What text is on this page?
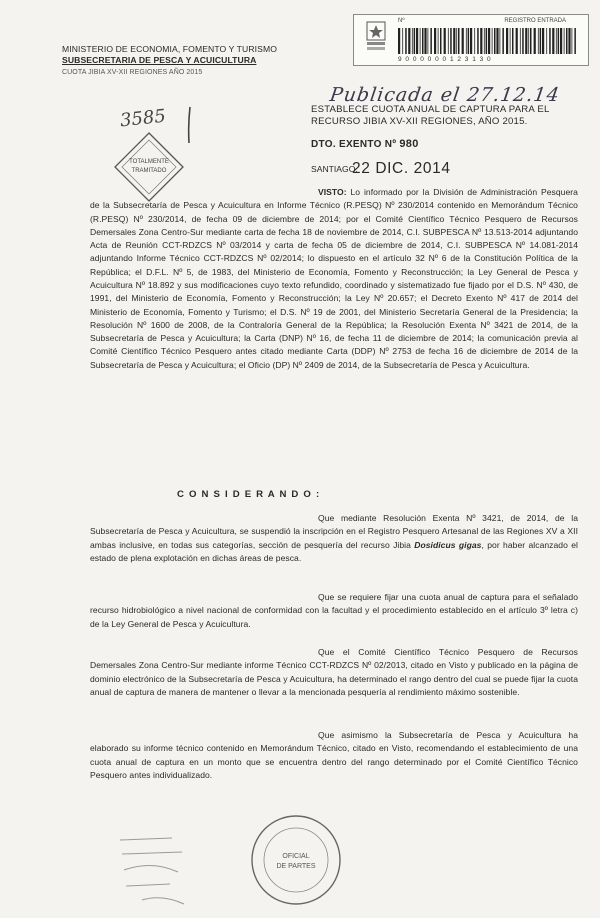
MINISTERIO DE ECONOMIA, FOMENTO Y TURISMO
SUBSECRETARIA DE PESCA Y ACUICULTURA
CUOTA JIBIA XV-XII REGIONES AÑO 2015
Nº	REGISTRO ENTRADA
9 0 0 0 0 0 0 1 2 3 1 3 0
Publicada el 27.12.14
3585
TOTALMENTE
TRAMITADO
ESTABLECE CUOTA ANUAL DE CAPTURA PARA EL RECURSO JIBIA XV-XII REGIONES, AÑO 2015.
DTO. EXENTO Nº 980
SANTIAGO,
22 DIC. 2014
VISTO: Lo informado por la División de Administración Pesquera de la Subsecretaría de Pesca y Acuicultura en Informe Técnico (R.PESQ) Nº 230/2014 contenido en Memorándum Técnico (R.PESQ) Nº 230/2014, de fecha 09 de diciembre de 2014; por el Comité Científico Técnico Pesquero de Recursos Demersales Zona Centro-Sur mediante carta de fecha 18 de noviembre de 2014, C.I. SUBPESCA Nº 13.513-2014 adjuntando Acta de Reunión CCT-RDZCS Nº 03/2014 y carta de fecha 05 de diciembre de 2014, C.I. SUBPESCA Nº 14.081-2014 adjuntando Informe Técnico CCT-RDZCS Nº 02/2014; lo dispuesto en el artículo 32 Nº 6 de la Constitución Política de la República; el D.F.L. Nº 5, de 1983, del Ministerio de Economía, Fomento y Reconstrucción; la Ley General de Pesca y Acuicultura Nº 18.892 y sus modificaciones cuyo texto refundido, coordinado y sistematizado fue fijado por el D.S. Nº 430, de 1991, del Ministerio de Economía, Fomento y Reconstrucción; la Ley Nº 20.657; el Decreto Exento Nº 417 de 2014 del Ministerio de Economía, Fomento y Turismo; el D.S. Nº 19 de 2001, del Ministerio Secretaría General de la Presidencia; la Resolución Nº 1600 de 2008, de la Contraloría General de la República; la Resolución Exenta Nº 3421 de 2014, de la Subsecretaría de Pesca y Acuicultura; la Carta (DNP) Nº 16, de fecha 11 de diciembre de 2014; la comunicación previa al Comité Científico Técnico Pesquero antes citado mediante Carta (DDP) Nº 2753 de fecha 16 de diciembre de 2014 de la Subsecretaría de Pesca y Acuicultura; el Oficio (DP) Nº 2409 de 2014, de la Subsecretaría de Pesca y Acuicultura.
C O N S I D E R A N D O :
Que mediante Resolución Exenta Nº 3421, de 2014, de la Subsecretaría de Pesca y Acuicultura, se suspendió la inscripción en el Registro Pesquero Artesanal de las Regiones XV a XII ambas inclusive, en todas sus categorías, sección de pesquería del recurso Jibia Dosidicus gigas, por haber alcanzado el estado de plena explotación en dichas áreas de pesca.
Que se requiere fijar una cuota anual de captura para el señalado recurso hidrobiológico a nivel nacional de conformidad con la facultad y el procedimiento establecido en el artículo 3º letra c) de la Ley General de Pesca y Acuicultura.
Que el Comité Científico Técnico Pesquero de Recursos Demersales Zona Centro-Sur mediante informe Técnico CCT-RDZCS Nº 02/2013, citado en Visto y publicado en la página de dominio electrónico de la Subsecretaría de Pesca y Acuicultura, ha determinado el rango dentro del cual se puede fijar la cuota anual de captura de manera de mantener o llevar a la mencionada pesquería al rendimiento máximo sostenible.
Que asimismo la Subsecretaría de Pesca y Acuicultura ha elaborado su informe técnico contenido en Memorándum Técnico, citado en Visto, recomendando el establecimiento de una cuota anual de captura en un monto que se encuentra dentro del rango determinado por el Comité Científico Técnico Pesquero antes individualizado.
OFICIAL
DE PARTES
